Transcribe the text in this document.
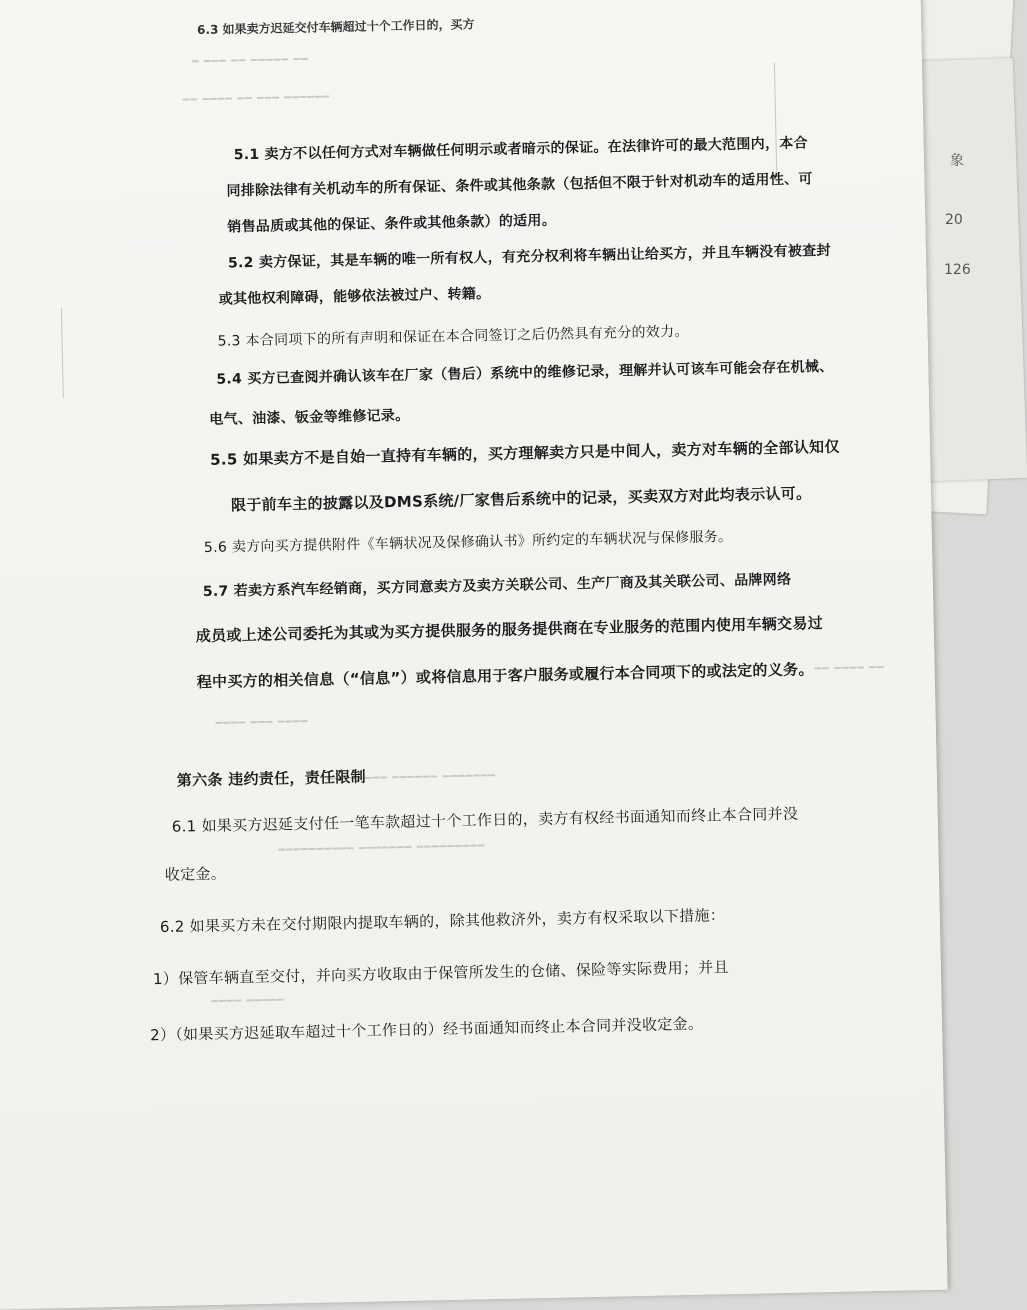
象
20
126
6.3 如果卖方迟延交付车辆超过十个工作日的，买方
5.1 卖方不以任何方式对车辆做任何明示或者暗示的保证。在法律许可的最大范围内，本合
同排除法律有关机动车的所有保证、条件或其他条款（包括但不限于针对机动车的适用性、可
销售品质或其他的保证、条件或其他条款）的适用。
5.2 卖方保证，其是车辆的唯一所有权人，有充分权利将车辆出让给买方，并且车辆没有被查封
或其他权利障碍，能够依法被过户、转籍。
5.3 本合同项下的所有声明和保证在本合同签订之后仍然具有充分的效力。
5.4 买方已查阅并确认该车在厂家（售后）系统中的维修记录，理解并认可该车可能会存在机械、
电气、油漆、钣金等维修记录。
5.5 如果卖方不是自始一直持有车辆的，买方理解卖方只是中间人，卖方对车辆的全部认知仅
限于前车主的披露以及DMS系统/厂家售后系统中的记录，买卖双方对此均表示认可。
5.6 卖方向买方提供附件《车辆状况及保修确认书》所约定的车辆状况与保修服务。
5.7 若卖方系汽车经销商，买方同意卖方及卖方关联公司、生产厂商及其关联公司、品牌网络
成员或上述公司委托为其或为买方提供服务的服务提供商在专业服务的范围内使用车辆交易过
程中买方的相关信息（“信息”）或将信息用于客户服务或履行本合同项下的或法定的义务。
━ ━━━ ━━ ━━━━━ ━━
━━ ━━━━ ━━ ━━━ ━━━━━━
━━ ━━━━ ━━
━━━━ ━━━ ━━━━
━━━━━━━━ ━━━━━━ ━━━━━━━
━━━━━━━━━━ ━━━━━━━ ━━━━━━━━━
━━━━ ━━━━━
第六条 违约责任，责任限制
6.1 如果买方迟延支付任一笔车款超过十个工作日的，卖方有权经书面通知而终止本合同并没
收定金。
6.2 如果买方未在交付期限内提取车辆的，除其他救济外，卖方有权采取以下措施：
1）保管车辆直至交付，并向买方收取由于保管所发生的仓储、保险等实际费用；并且
2）（如果买方迟延取车超过十个工作日的）经书面通知而终止本合同并没收定金。
